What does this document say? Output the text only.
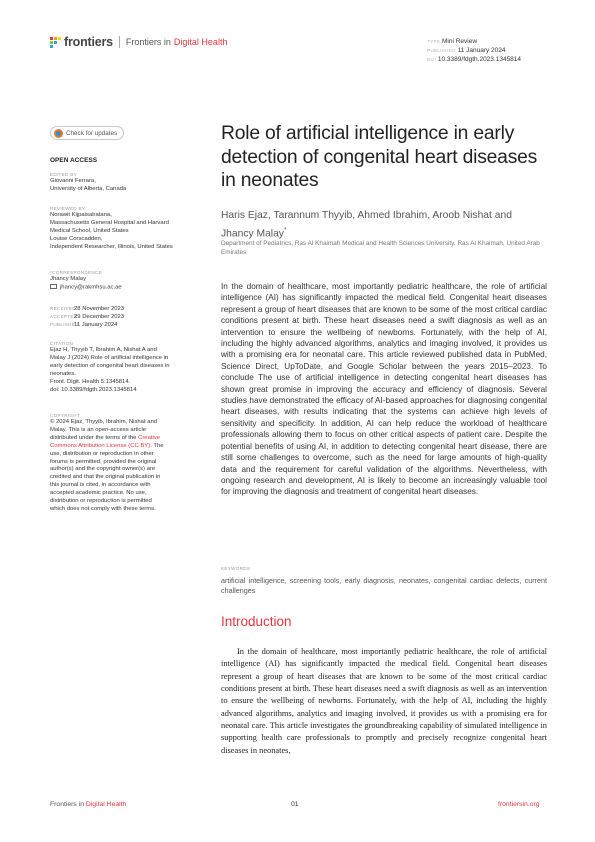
frontiers Frontiers in Digital Health	TYPE Mini Review
PUBLISHED 11 January 2024
DOI 10.3389/fdgth.2023.1345814
Check for updates
OPEN ACCESS
EDITED BY
Giovanni Ferrara,
University of Alberta, Canada
REVIEWED BY
Norawit Kijpaisalratana,
Massachusetts General Hospital and Harvard
Medical School, United States
Louise Corscadden,
Independent Researcher, Illinois, United States
*CORRESPONDENCE
Jhancy Malay
jhancy@rakmhsu.ac.ae
RECEIVED28 November 2023
ACCEPTED29 December 2023
PUBLISHED11 January 2024
CITATION
Ejaz H, Thyyib T, Ibrahim A, Nishat A and
Malay J (2024) Role of artificial intelligence in
early detection of congenital heart diseases in
neonates.
Front. Digit. Health 5:1345814.
doi: 10.3389/fdgth.2023.1345814
COPYRIGHT
© 2024 Ejaz, Thyyib, Ibrahim, Nishat and
Malay. This is an open-access article
distributed under the terms of the Creative
Commons Attribution License (CC BY). The
use, distribution or reproduction in other
forums is permitted, provided the original
author(s) and the copyright owner(s) are
credited and that the original publication in
this journal is cited, in accordance with
accepted academic practice. No use,
distribution or reproduction is permitted
which does not comply with these terms.
Role of artificial intelligence in early detection of congenital heart diseases in neonates
Haris Ejaz, Tarannum Thyyib, Ahmed Ibrahim, Aroob Nishat and Jhancy Malay*
Department of Pediatrics, Ras Al Khaimah Medical and Health Sciences University, Ras Al Khaimah, United Arab Emirates
In the domain of healthcare, most importantly pediatric healthcare, the role of artificial intelligence (AI) has significantly impacted the medical field. Congenital heart diseases represent a group of heart diseases that are known to be some of the most critical cardiac conditions present at birth. These heart diseases need a swift diagnosis as well as an intervention to ensure the wellbeing of newborns. Fortunately, with the help of AI, including the highly advanced algorithms, analytics and imaging involved, it provides us with a promising era for neonatal care. This article reviewed published data in PubMed, Science Direct, UpToDate, and Google Scholar between the years 2015–2023. To conclude The use of artificial intelligence in detecting congenital heart diseases has shown great promise in improving the accuracy and efficiency of diagnosis. Several studies have demonstrated the efficacy of AI-based approaches for diagnosing congenital heart diseases, with results indicating that the systems can achieve high levels of sensitivity and specificity. In addition, AI can help reduce the workload of healthcare professionals allowing them to focus on other critical aspects of patient care. Despite the potential benefits of using AI, in addition to detecting congenital heart disease, there are still some challenges to overcome, such as the need for large amounts of high-quality data and the requirement for careful validation of the algorithms. Nevertheless, with ongoing research and development, AI is likely to become an increasingly valuable tool for improving the diagnosis and treatment of congenital heart diseases.
KEYWORDS
artificial intelligence, screening tools, early diagnosis, neonates, congenital cardiac defects, current challenges
Introduction
In the domain of healthcare, most importantly pediatric healthcare, the role of artificial intelligence (AI) has significantly impacted the medical field. Congenital heart diseases represent a group of heart diseases that are known to be some of the most critical cardiac conditions present at birth. These heart diseases need a swift diagnosis as well as an intervention to ensure the wellbeing of newborns. Fortunately, with the help of AI, including the highly advanced algorithms, analytics and imaging involved, it provides us with a promising era for neonatal care. This article investigates the groundbreaking capability of simulated intelligence in supporting health care professionals to promptly and precisely recognize congenital heart diseases in neonates,
Frontiers in Digital Health	01	frontiersin.org
